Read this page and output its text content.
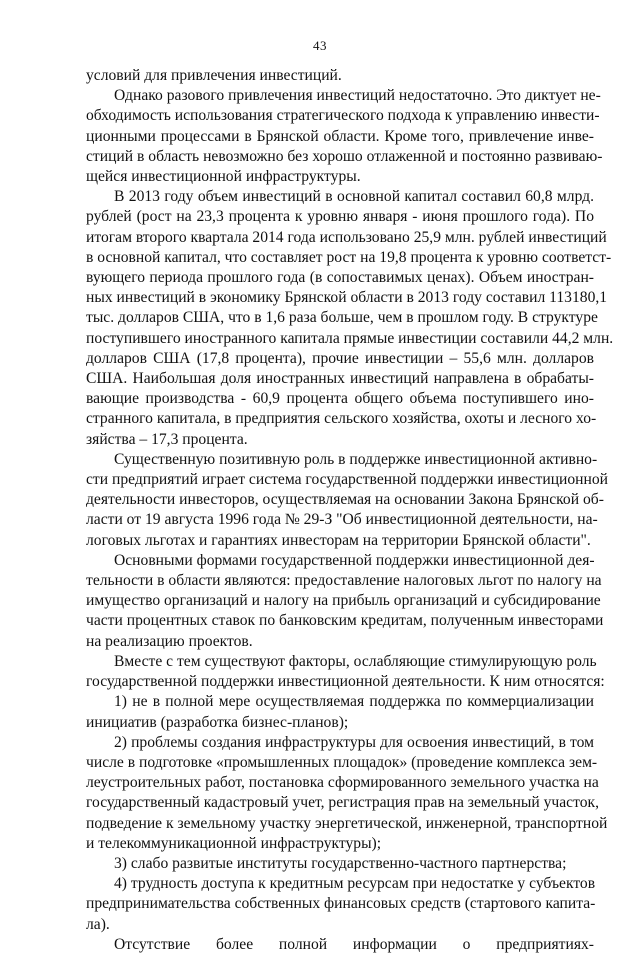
43
условий для привлечения инвестиций.
Однако разового привлечения инвестиций недостаточно. Это диктует не-
обходимость использования стратегического подхода к управлению инвести-
ционными процессами в Брянской области. Кроме того, привлечение инве-
стиций в область невозможно без хорошо отлаженной и постоянно развиваю-
щейся инвестиционной инфраструктуры.
В 2013 году объем инвестиций в основной капитал составил 60,8 млрд.
рублей (рост на 23,3 процента к уровню января - июня прошлого года). По
итогам второго квартала 2014 года использовано 25,9 млн. рублей инвестиций
в основной капитал, что составляет рост на 19,8 процента к уровню соответст-
вующего периода прошлого года (в сопоставимых ценах). Объем иностран-
ных инвестиций в экономику Брянской области в 2013 году составил 113180,1
тыс. долларов США, что в 1,6 раза больше, чем в прошлом году. В структуре
поступившего иностранного капитала прямые инвестиции составили 44,2 млн.
долларов США (17,8 процента), прочие инвестиции – 55,6 млн. долларов
США. Наибольшая доля иностранных инвестиций направлена в обрабаты-
вающие производства - 60,9 процента общего объема поступившего ино-
странного капитала, в предприятия сельского хозяйства, охоты и лесного хо-
зяйства – 17,3 процента.
Существенную позитивную роль в поддержке инвестиционной активно-
сти предприятий играет система государственной поддержки инвестиционной
деятельности инвесторов, осуществляемая на основании Закона Брянской об-
ласти от 19 августа 1996 года № 29-З "Об инвестиционной деятельности, на-
логовых льготах и гарантиях инвесторам на территории Брянской области".
Основными формами государственной поддержки инвестиционной дея-
тельности в области являются: предоставление налоговых льгот по налогу на
имущество организаций и налогу на прибыль организаций и субсидирование
части процентных ставок по банковским кредитам, полученным инвесторами
на реализацию проектов.
Вместе с тем существуют факторы, ослабляющие стимулирующую роль
государственной поддержки инвестиционной деятельности. К ним относятся:
1) не в полной мере осуществляемая поддержка по коммерциализации
инициатив (разработка бизнес-планов);
2) проблемы создания инфраструктуры для освоения инвестиций, в том
числе в подготовке «промышленных площадок» (проведение комплекса зем-
леустроительных работ, постановка сформированного земельного участка на
государственный кадастровый учет, регистрация прав на земельный участок,
подведение к земельному участку энергетической, инженерной, транспортной
и телекоммуникационной инфраструктуры);
3) слабо развитые институты государственно-частного партнерства;
4) трудность доступа к кредитным ресурсам при недостатке у субъектов
предпринимательства собственных финансовых средств (стартового капита-
ла).
Отсутствие более полной информации о предприятиях-
